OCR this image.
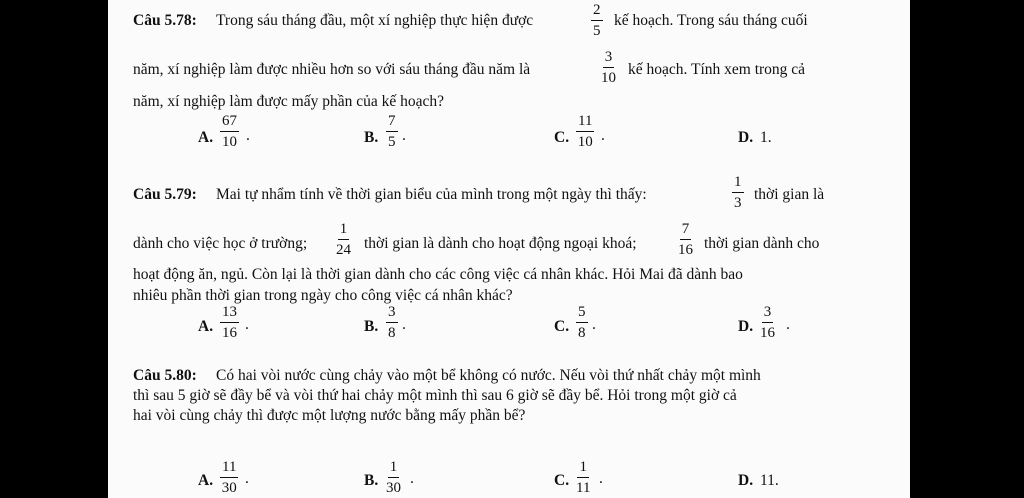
Câu 5.78: Trong sáu tháng đầu, một xí nghiệp thực hiện được	$\frac{2}{5}$ kế hoạch. Trong sáu tháng cuối
năm, xí nghiệp làm được nhiều hơn so với sáu tháng đầu năm là	$\frac{3}{10}$ kế hoạch. Tính xem trong cả
năm, xí nghiệp làm được mấy phần của kế hoạch?
A. $\frac{67}{10}$ .	B. $\frac{7}{5}$ .	C. $\frac{11}{10}$ .	D. 1.
Câu 5.79: Mai tự nhẩm tính về thời gian biểu của mình trong một ngày thì thấy:	$\frac{1}{3}$ thời gian là
dành cho việc học ở trường; $\frac{1}{24}$ thời gian là dành cho hoạt động ngoại khoá;	$\frac{7}{16}$ thời gian dành cho
hoạt động ăn, ngủ. Còn lại là thời gian dành cho các công việc cá nhân khác. Hỏi Mai đã dành bao
nhiêu phần thời gian trong ngày cho công việc cá nhân khác?
A. $\frac{13}{16}$ .	B. $\frac{3}{8}$ .	C. $\frac{5}{8}$ .	D. $\frac{3}{16}$ .
Câu 5.80: Có hai vòi nước cùng chảy vào một bể không có nước. Nếu vòi thứ nhất chảy một mình
thì sau 5 giờ sẽ đầy bể và vòi thứ hai chảy một mình thì sau 6 giờ sẽ đầy bể. Hỏi trong một giờ cả
hai vòi cùng chảy thì được một lượng nước bằng mấy phần bể?
A. $\frac{11}{30}$ .	B. $\frac{1}{30}$ .	C. $\frac{1}{11}$ .	D. 11.
